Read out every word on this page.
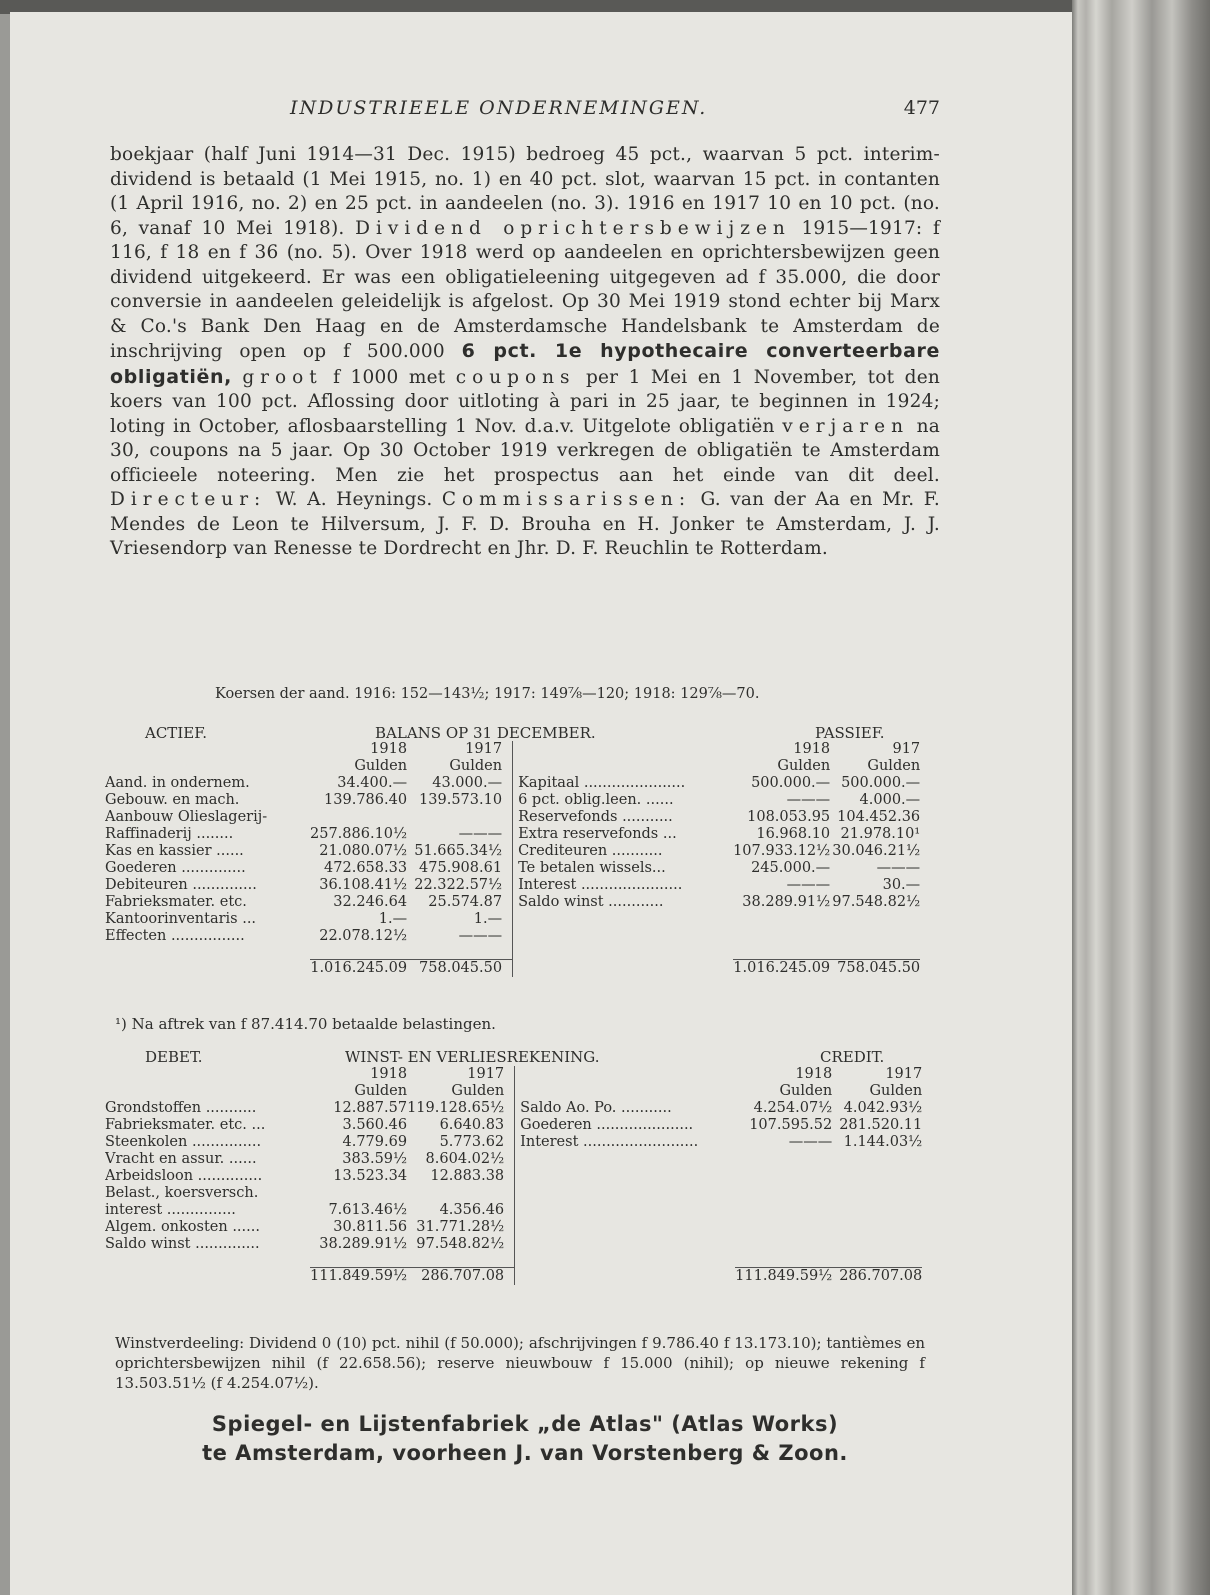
INDUSTRIEELE ONDERNEMINGEN.	477
boekjaar (half Juni 1914—31 Dec. 1915) bedroeg 45 pct., waarvan 5 pct. interim-dividend is betaald (1 Mei 1915, no. 1) en 40 pct. slot, waarvan 15 pct. in contanten (1 April 1916, no. 2) en 25 pct. in aandeelen (no. 3). 1916 en 1917 10 en 10 pct. (no. 6, vanaf 10 Mei 1918). Dividend oprichtersbewijzen 1915—1917: f 116, f 18 en f 36 (no. 5). Over 1918 werd op aandeelen en oprichtersbewijzen geen dividend uitgekeerd. Er was een obligatieleening uitgegeven ad f 35.000, die door conversie in aandeelen geleidelijk is afgelost. Op 30 Mei 1919 stond echter bij Marx & Co.'s Bank Den Haag en de Amsterdamsche Handelsbank te Amsterdam de inschrijving open op f 500.000 6 pct. 1e hypothecaire converteerbare obligatiën, groot f 1000 met coupons per 1 Mei en 1 November, tot den koers van 100 pct. Aflossing door uitloting à pari in 25 jaar, te beginnen in 1924; loting in October, aflosbaarstelling 1 Nov. d.a.v. Uitgelote obligatiën verjaren na 30, coupons na 5 jaar. Op 30 October 1919 verkregen de obligatiën te Amsterdam officieele noteering. Men zie het prospectus aan het einde van dit deel. Directeur: W. A. Heynings. Commissarissen: G. van der Aa en Mr. F. Mendes de Leon te Hilversum, J. F. D. Brouha en H. Jonker te Amsterdam, J. J. Vriesendorp van Renesse te Dordrecht en Jhr. D. F. Reuchlin te Rotterdam.
Koersen der aand. 1916: 152—143½; 1917: 149⅞—120; 1918: 129⅞—70.
ACTIEF.	BALANS OP 31 DECEMBER.	PASSIEF.
	1918	1917		1918	917
	Gulden	Gulden		Gulden	Gulden
Aand. in ondernem.	34.400.—	43.000.—	Kapitaal ......................	500.000.—	500.000.—
Gebouw. en mach.	139.786.40	139.573.10	6 pct. oblig.leen. ......	———	4.000.—
Aanbouw Olieslagerij-			Reservefonds ...........	108.053.95	104.452.36
Raffinaderij ........	257.886.10½	———	Extra reservefonds ...	16.968.10	21.978.10¹
Kas en kassier ......	21.080.07½	51.665.34½	Crediteuren ...........	107.933.12½	30.046.21½
Goederen ..............	472.658.33	475.908.61	Te betalen wissels...	245.000.—	———
Debiteuren ..............	36.108.41½	22.322.57½	Interest ......................	———	30.—
Fabrieksmater. etc.	32.246.64	25.574.87	Saldo winst ............	38.289.91½	97.548.82½
Kantoorinventaris ...	1.—	1.—			
Effecten ................	22.078.12½	———			

	1.016.245.09	758.045.50		1.016.245.09	758.045.50
¹) Na aftrek van f 87.414.70 betaalde belastingen.
DEBET.	WINST- EN VERLIESREKENING.	CREDIT.
	1918	1917		1918	1917
	Gulden	Gulden		Gulden	Gulden
Grondstoffen ...........	12.887.57	119.128.65½	Saldo Ao. Po. ...........	4.254.07½	4.042.93½
Fabrieksmater. etc. ...	3.560.46	6.640.83	Goederen .....................	107.595.52	281.520.11
Steenkolen ...............	4.779.69	5.773.62	Interest .........................	———	1.144.03½
Vracht en assur. ......	383.59½	8.604.02½			
Arbeidsloon ..............	13.523.34	12.883.38			
Belast., koersversch.					
interest ...............	7.613.46½	4.356.46			
Algem. onkosten ......	30.811.56	31.771.28½			
Saldo winst ..............	38.289.91½	97.548.82½			

	111.849.59½	286.707.08		111.849.59½	286.707.08
Winstverdeeling: Dividend 0 (10) pct. nihil (f 50.000); afschrijvingen f 9.786.40 f 13.173.10); tantièmes en oprichtersbewijzen nihil (f 22.658.56); reserve nieuwbouw f 15.000 (nihil); op nieuwe rekening f 13.503.51½ (f 4.254.07½).
Spiegel- en Lijstenfabriek „de Atlas" (Atlas Works)
te Amsterdam, voorheen J. van Vorstenberg & Zoon.
